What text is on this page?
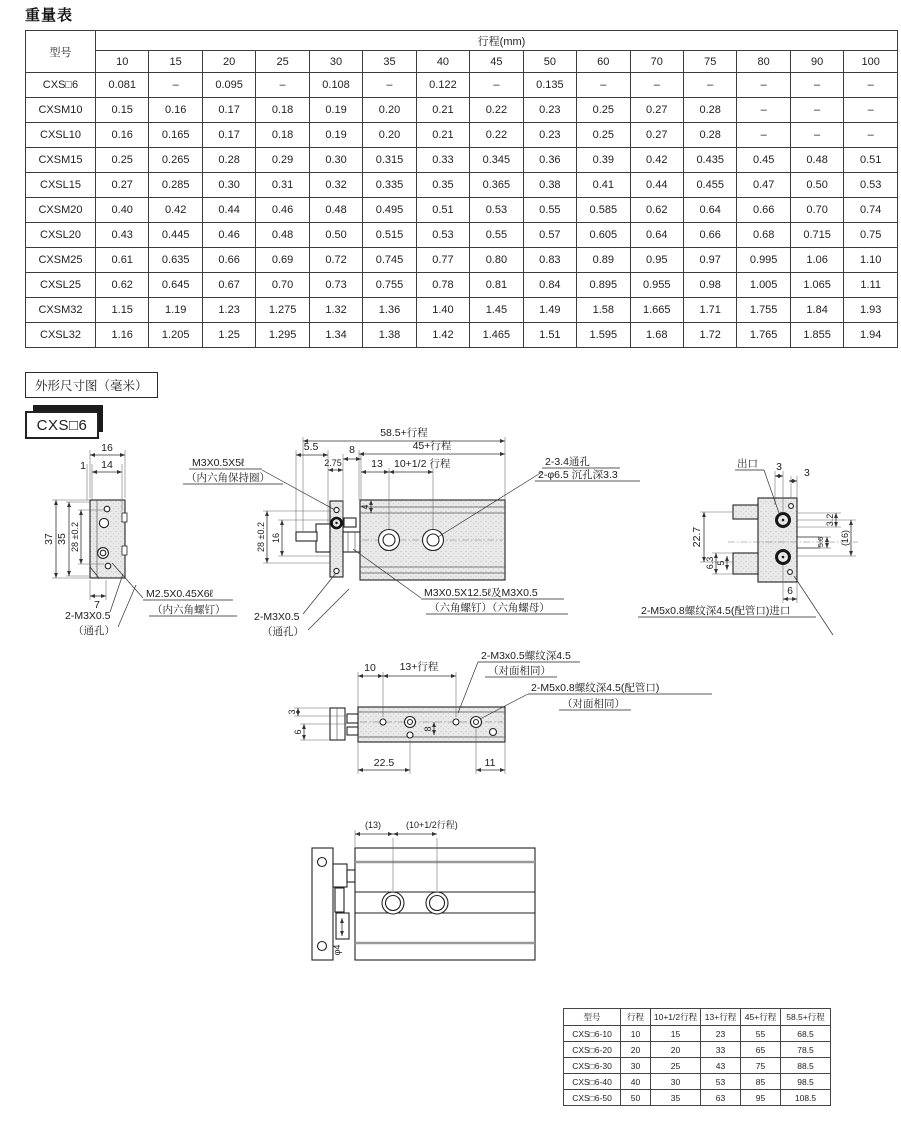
重量表
型号	行程(mm)														
	10	15	20	25	30	35	40	45	50	60	70	75	80	90	100
CXS□6	0.081	–	0.095	–	0.108	–	0.122	–	0.135	–	–	–	–	–	–
CXSM10	0.15	0.16	0.17	0.18	0.19	0.20	0.21	0.22	0.23	0.25	0.27	0.28	–	–	–
CXSL10	0.16	0.165	0.17	0.18	0.19	0.20	0.21	0.22	0.23	0.25	0.27	0.28	–	–	–
CXSM15	0.25	0.265	0.28	0.29	0.30	0.315	0.33	0.345	0.36	0.39	0.42	0.435	0.45	0.48	0.51
CXSL15	0.27	0.285	0.30	0.31	0.32	0.335	0.35	0.365	0.38	0.41	0.44	0.455	0.47	0.50	0.53
CXSM20	0.40	0.42	0.44	0.46	0.48	0.495	0.51	0.53	0.55	0.585	0.62	0.64	0.66	0.70	0.74
CXSL20	0.43	0.445	0.46	0.48	0.50	0.515	0.53	0.55	0.57	0.605	0.64	0.66	0.68	0.715	0.75
CXSM25	0.61	0.635	0.66	0.69	0.72	0.745	0.77	0.80	0.83	0.89	0.95	0.97	0.995	1.06	1.10
CXSL25	0.62	0.645	0.67	0.70	0.73	0.755	0.78	0.81	0.84	0.895	0.955	0.98	1.005	1.065	1.11
CXSM32	1.15	1.19	1.23	1.275	1.32	1.36	1.40	1.45	1.49	1.58	1.665	1.71	1.755	1.84	1.93
CXSL32	1.16	1.205	1.25	1.295	1.34	1.38	1.42	1.465	1.51	1.595	1.68	1.72	1.765	1.855	1.94
外形尺寸图（毫米）
CXS□6
16
1 14
37 35 28 ±0.2
7
2-M3X0.5
（通孔）
M2.5X0.45X6ℓ
（内六角螺钉）
58.5+行程
45+行程
5.5	8
2.75	13 10+1/2 行程
4
28 ±0.2 16
M3X0.5X5ℓ
（内六角保持圈）
2-3.4通孔
2-φ6.5 沉孔深3.3
M3X0.5X12.5ℓ及M3X0.5
（六角螺钉）（六角螺母）
2-M3X0.5
（通孔）
出口 3 3
22.7
6.3 5
3.2
5.6 (16)
6
2-M5x0.8螺纹深4.5(配管口)进口
10 13+行程
3
6
8
22.5	11
2-M3x0.5螺纹深4.5
（对面相同）
2-M5x0.8螺纹深4.5(配管口)
（对面相同）
(13)	(10+1/2行程)
φ4
型号	行程	10+1/2行程	13+行程	45+行程	58.5+行程
CXS□6-10	10	15	23	55	68.5
CXS□6-20	20	20	33	65	78.5
CXS□6-30	30	25	43	75	88.5
CXS□6-40	40	30	53	85	98.5
CXS□6-50	50	35	63	95	108.5
